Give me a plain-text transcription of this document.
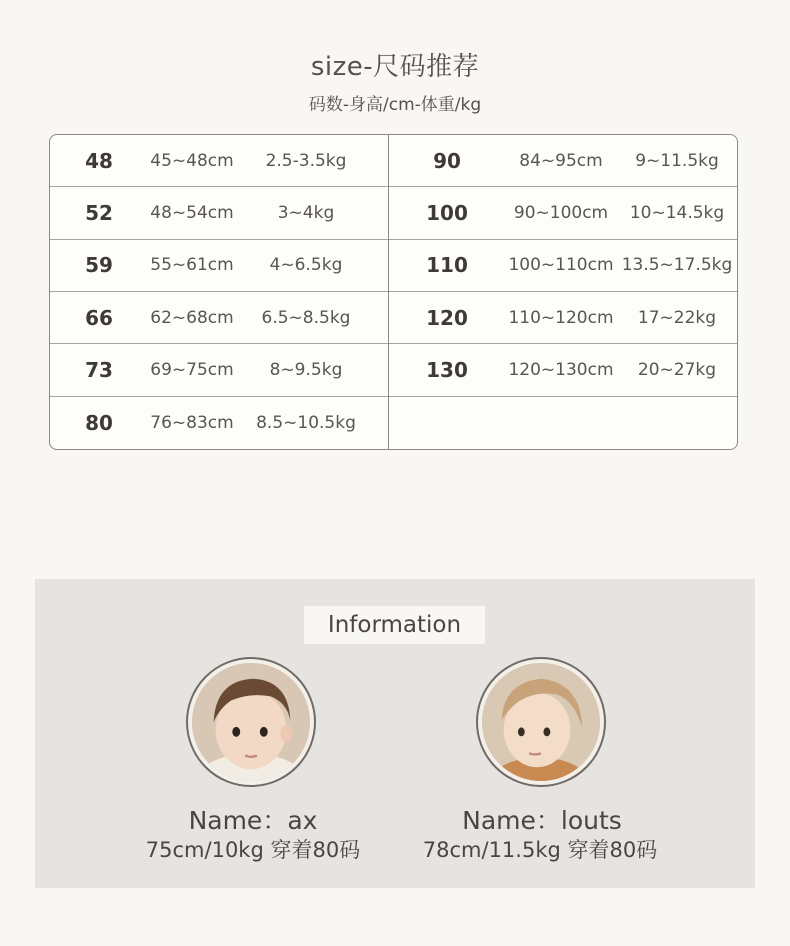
size-尺码推荐
码数-身高/cm-体重/kg
48	45~48cm	2.5-3.5kg
52	48~54cm	3~4kg
59	55~61cm	4~6.5kg
66	62~68cm	6.5~8.5kg
73	69~75cm	8~9.5kg
80	76~83cm	8.5~10.5kg
90	84~95cm	9~11.5kg
100	90~100cm	10~14.5kg
110	100~110cm 13.5~17.5kg
120	110~120cm	17~22kg
130	120~130cm	20~27kg
Information
Name：ax
75cm/10kg 穿着80码
Name：louts
78cm/11.5kg 穿着80码
